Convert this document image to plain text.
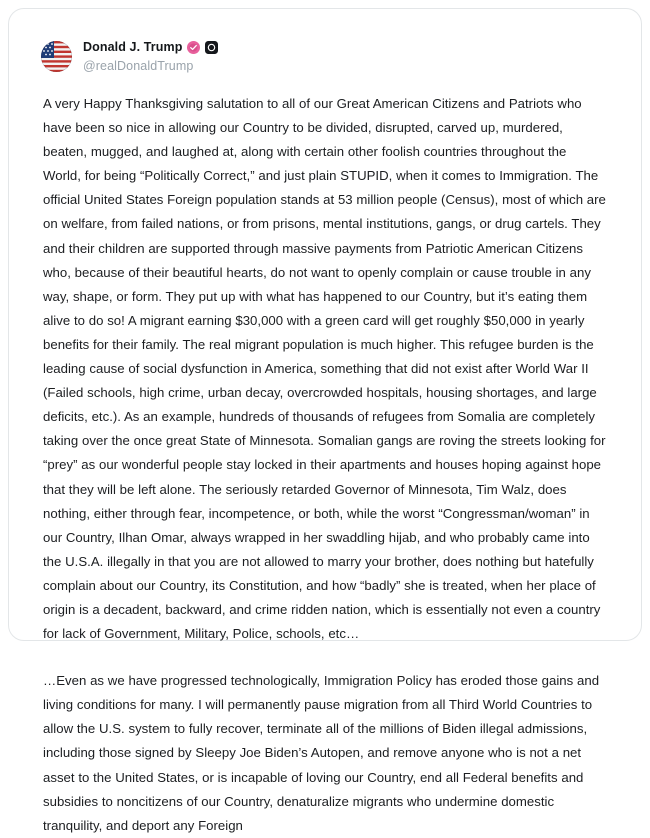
Donald J. Trump
@realDonaldTrump

A very Happy Thanksgiving salutation to all of our Great American Citizens and Patriots who have been so nice in allowing our Country to be divided, disrupted, carved up, murdered, beaten, mugged, and laughed at, along with certain other foolish countries throughout the World, for being “Politically Correct,” and just plain STUPID, when it comes to Immigration. The official United States Foreign population stands at 53 million people (Census), most of which are on welfare, from failed nations, or from prisons, mental institutions, gangs, or drug cartels. They and their children are supported through massive payments from Patriotic American Citizens who, because of their beautiful hearts, do not want to openly complain or cause trouble in any way, shape, or form. They put up with what has happened to our Country, but it’s eating them alive to do so! A migrant earning $30,000 with a green card will get roughly $50,000 in yearly benefits for their family. The real migrant population is much higher. This refugee burden is the leading cause of social dysfunction in America, something that did not exist after World War II (Failed schools, high crime, urban decay, overcrowded hospitals, housing shortages, and large deficits, etc.). As an example, hundreds of thousands of refugees from Somalia are completely taking over the once great State of Minnesota. Somalian gangs are roving the streets looking for “prey” as our wonderful people stay locked in their apartments and houses hoping against hope that they will be left alone. The seriously retarded Governor of Minnesota, Tim Walz, does nothing, either through fear, incompetence, or both, while the worst “Congressman/woman” in our Country, Ilhan Omar, always wrapped in her swaddling hijab, and who probably came into the U.S.A. illegally in that you are not allowed to marry your brother, does nothing but hatefully complain about our Country, its Constitution, and how “badly” she is treated, when her place of origin is a decadent, backward, and crime ridden nation, which is essentially not even a country for lack of Government, Military, Police, schools, etc…

…Even as we have progressed technologically, Immigration Policy has eroded those gains and living conditions for many. I will permanently pause migration from all Third World Countries to allow the U.S. system to fully recover, terminate all of the millions of Biden illegal admissions, including those signed by Sleepy Joe Biden’s Autopen, and remove anyone who is not a net asset to the United States, or is incapable of loving our Country, end all Federal benefits and subsidies to noncitizens of our Country, denaturalize migrants who undermine domestic tranquility, and deport any Foreign
